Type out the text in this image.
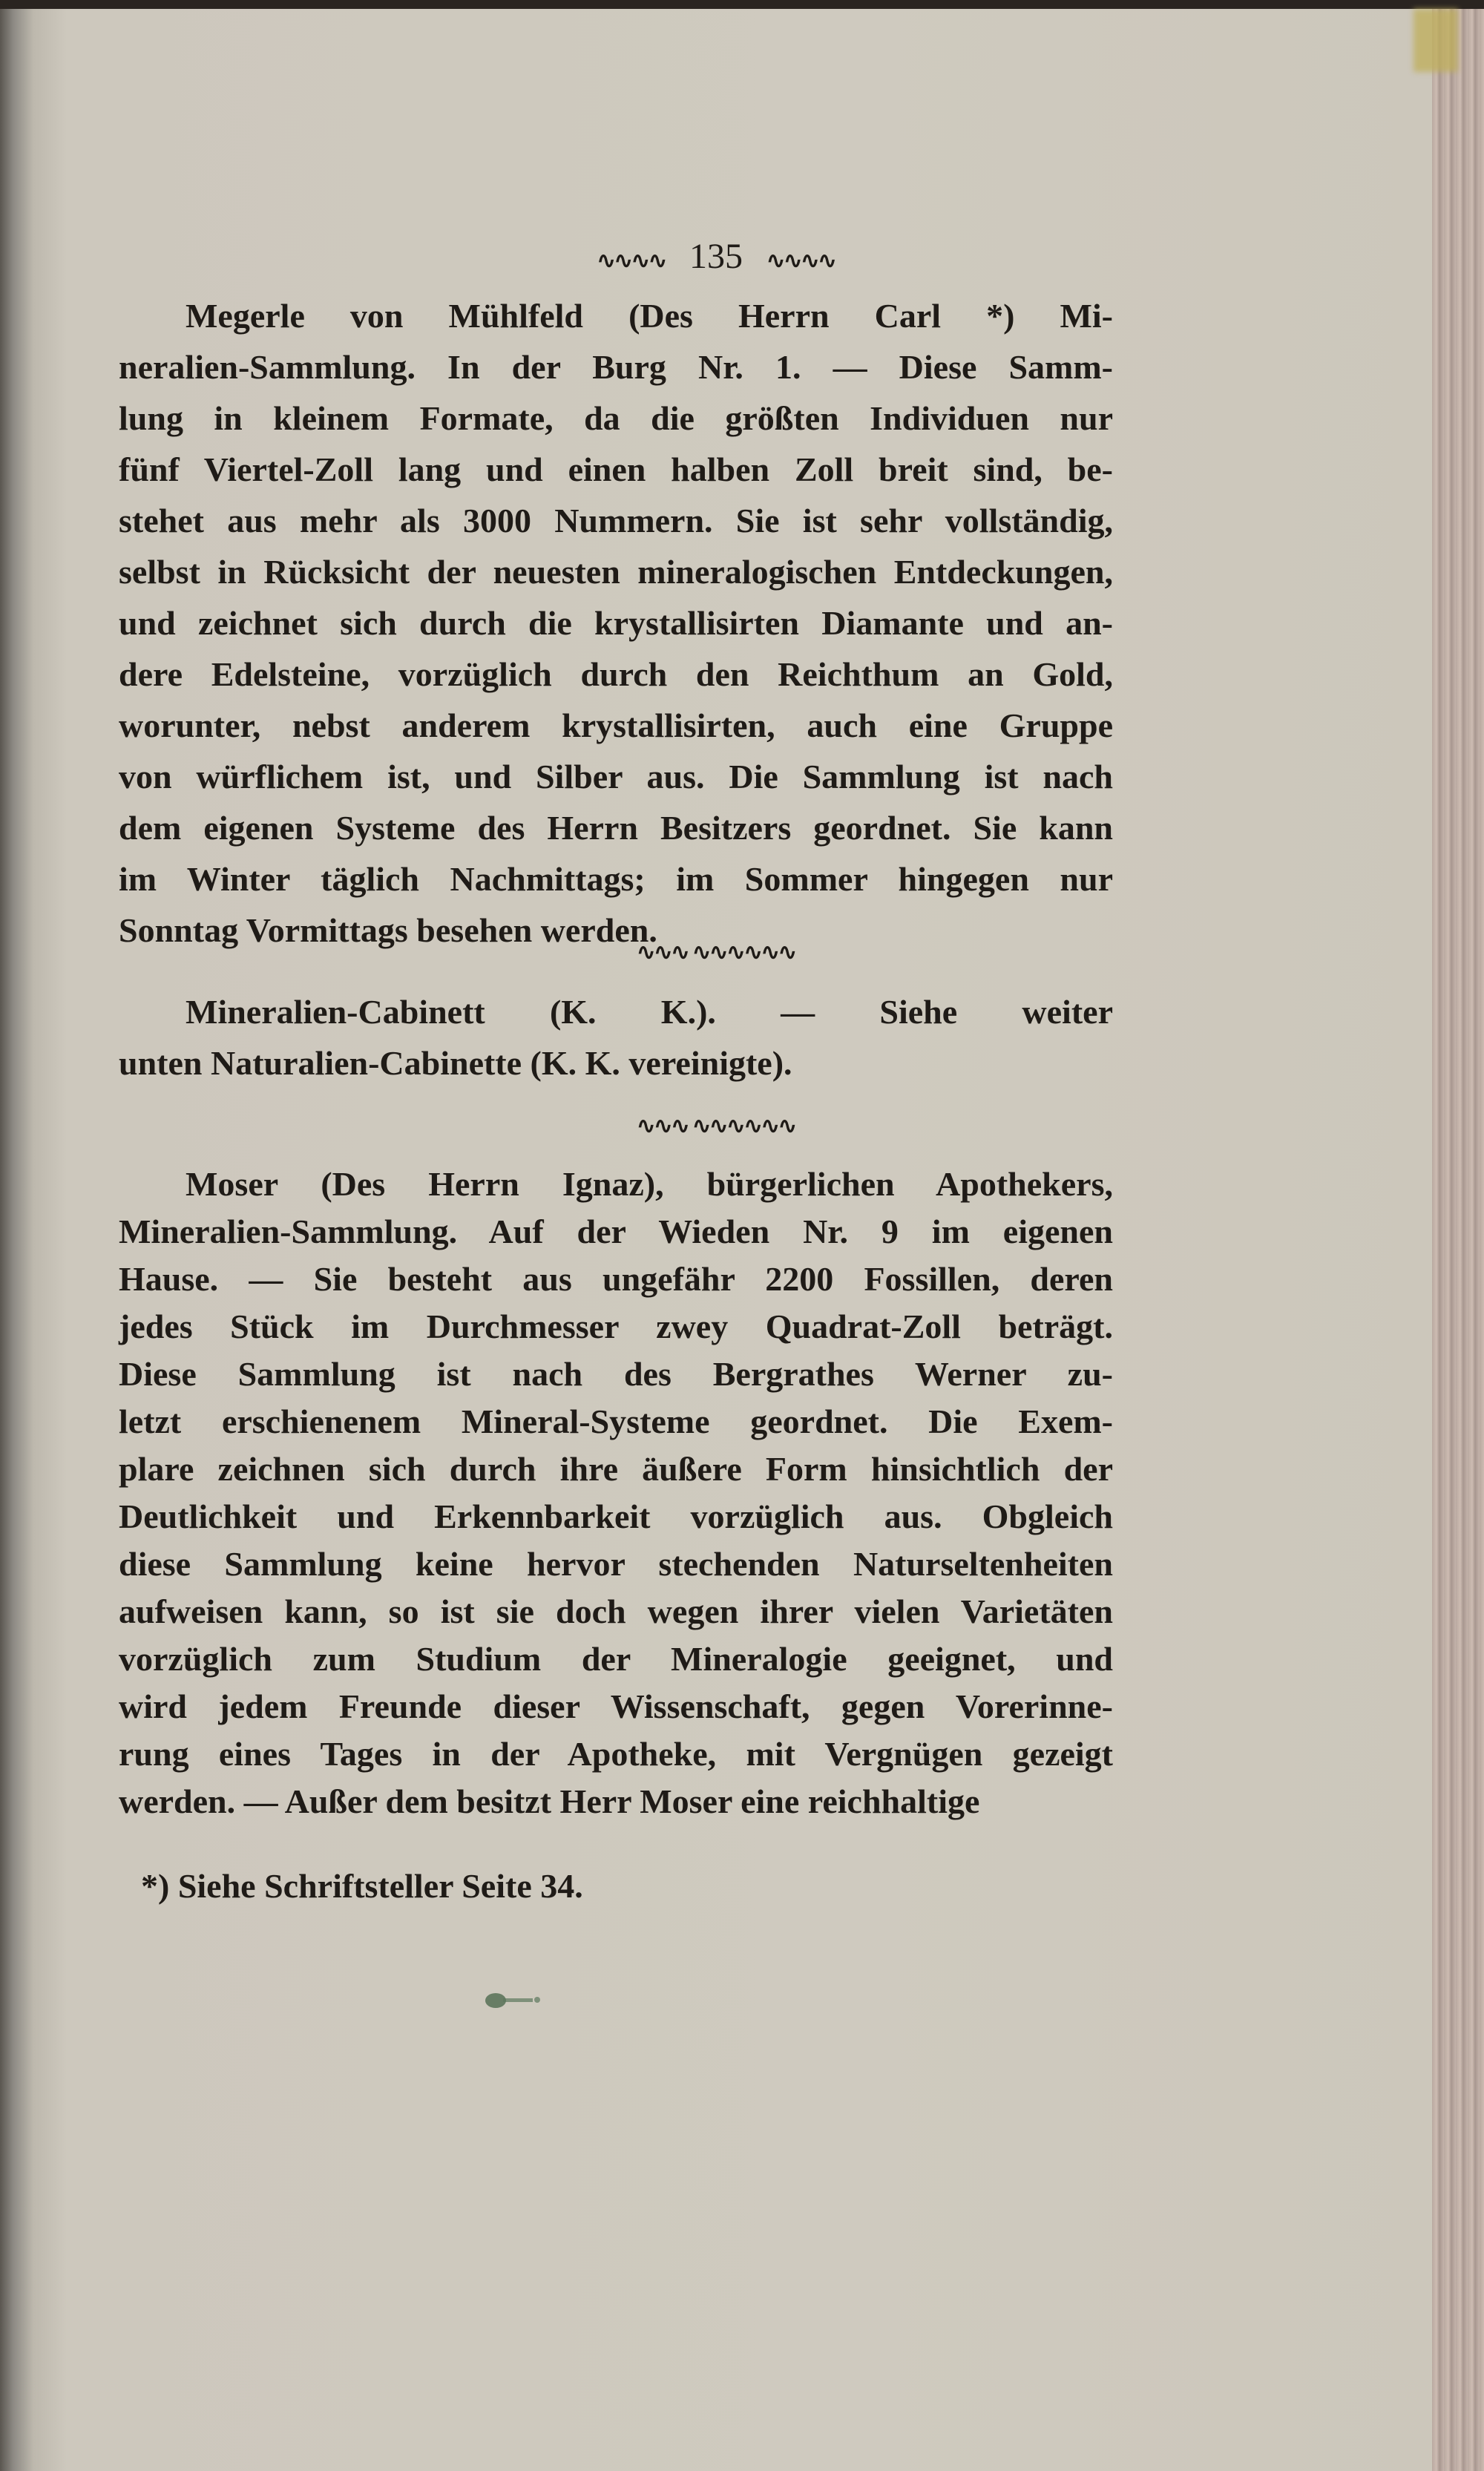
∿∿∿∿ 135 ∿∿∿∿
Megerle von Mühlfeld (Des Herrn Carl *) Mi-
neralien-Sammlung. In der Burg Nr. 1. — Diese Samm-
lung in kleinem Formate, da die größten Individuen nur
fünf Viertel-Zoll lang und einen halben Zoll breit sind, be-
stehet aus mehr als 3000 Nummern. Sie ist sehr vollständig,
selbst in Rücksicht der neuesten mineralogischen Entdeckungen,
und zeichnet sich durch die krystallisirten Diamante und an-
dere Edelsteine, vorzüglich durch den Reichthum an Gold,
worunter, nebst anderem krystallisirten, auch eine Gruppe
von würflichem ist, und Silber aus. Die Sammlung ist nach
dem eigenen Systeme des Herrn Besitzers geordnet. Sie kann
im Winter täglich Nachmittags; im Sommer hingegen nur
Sonntag Vormittags besehen werden.
∿∿∿ ∿∿∿∿∿∿
Mineralien-Cabinett (K. K.). — Siehe weiter
unten Naturalien-Cabinette (K. K. vereinigte).
∿∿∿ ∿∿∿∿∿∿
Moser (Des Herrn Ignaz), bürgerlichen Apothekers,
Mineralien-Sammlung. Auf der Wieden Nr. 9 im eigenen
Hause. — Sie besteht aus ungefähr 2200 Fossillen, deren
jedes Stück im Durchmesser zwey Quadrat-Zoll beträgt.
Diese Sammlung ist nach des Bergrathes Werner zu-
letzt erschienenem Mineral-Systeme geordnet. Die Exem-
plare zeichnen sich durch ihre äußere Form hinsichtlich der
Deutlichkeit und Erkennbarkeit vorzüglich aus. Obgleich
diese Sammlung keine hervor stechenden Naturseltenheiten
aufweisen kann, so ist sie doch wegen ihrer vielen Varietäten
vorzüglich zum Studium der Mineralogie geeignet, und
wird jedem Freunde dieser Wissenschaft, gegen Vorerinne-
rung eines Tages in der Apotheke, mit Vergnügen gezeigt
werden. — Außer dem besitzt Herr Moser eine reichhaltige
*) Siehe Schriftsteller Seite 34.
